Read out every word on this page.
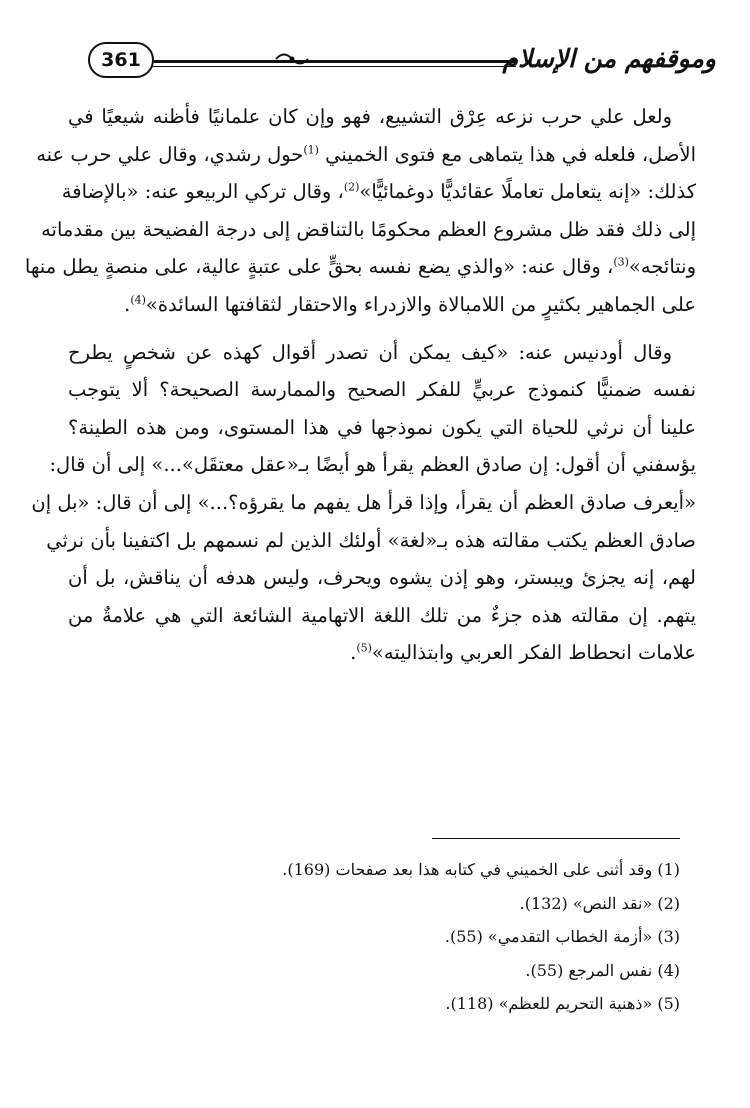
361	وموقفهم من الإسلام

ولعل علي حرب نزعه عِرْق التشييع، فهو وإن كان علمانيًا فأظنه شيعيًا في
الأصل، فلعله في هذا يتماهى مع فتوى الخميني $^{(1)}$حول رشدي، وقال علي حرب عنه
كذلك: «إنه يتعامل تعاملًا عقائديًّا دوغمائيًّا»$^{(2)}$، وقال تركي الربيعو عنه: «بالإضافة
إلى ذلك فقد ظل مشروع العظم محكومًا بالتناقض إلى درجة الفضيحة بين مقدماته
ونتائجه»$^{(3)}$، وقال عنه: «والذي يضع نفسه بحقٍّ على عتبةٍ عالية، على منصةٍ يطل منها
على الجماهير بكثيرٍ من اللامبالاة والازدراء والاحتقار لثقافتها السائدة»$^{(4)}$.

وقال أودنيس عنه: «كيف يمكن أن تصدر أقوال كهذه عن شخصٍ يطرح
نفسه ضمنيًّا كنموذج عربيٍّ للفكر الصحيح والممارسة الصحيحة؟ ألا يتوجب
علينا أن نرثي للحياة التي يكون نموذجها في هذا المستوى، ومن هذه الطينة؟
يؤسفني أن أقول: إن صادق العظم يقرأ هو أيضًا بـ«عقل معتقَل»...» إلى أن قال:
«أيعرف صادق العظم أن يقرأ، وإذا قرأ هل يفهم ما يقرؤه؟...» إلى أن قال: «بل إن
صادق العظم يكتب مقالته هذه بـ«لغة» أولئك الذين لم نسمهم بل اكتفينا بأن نرثي
لهم، إنه يجزئ ويبستر، وهو إذن يشوه ويحرف، وليس هدفه أن يناقش، بل أن
يتهم. إن مقالته هذه جزءٌ من تلك اللغة الاتهامية الشائعة التي هي علامةٌ من
علامات انحطاط الفكر العربي وابتذاليته»$^{(5)}$.

(1) وقد أثنى على الخميني في كتابه هذا بعد صفحات (169).
(2) «نقد النص» (132).
(3) «أزمة الخطاب التقدمي» (55).
(4) نفس المرجع (55).
(5) «ذهنية التحريم للعظم» (118).
